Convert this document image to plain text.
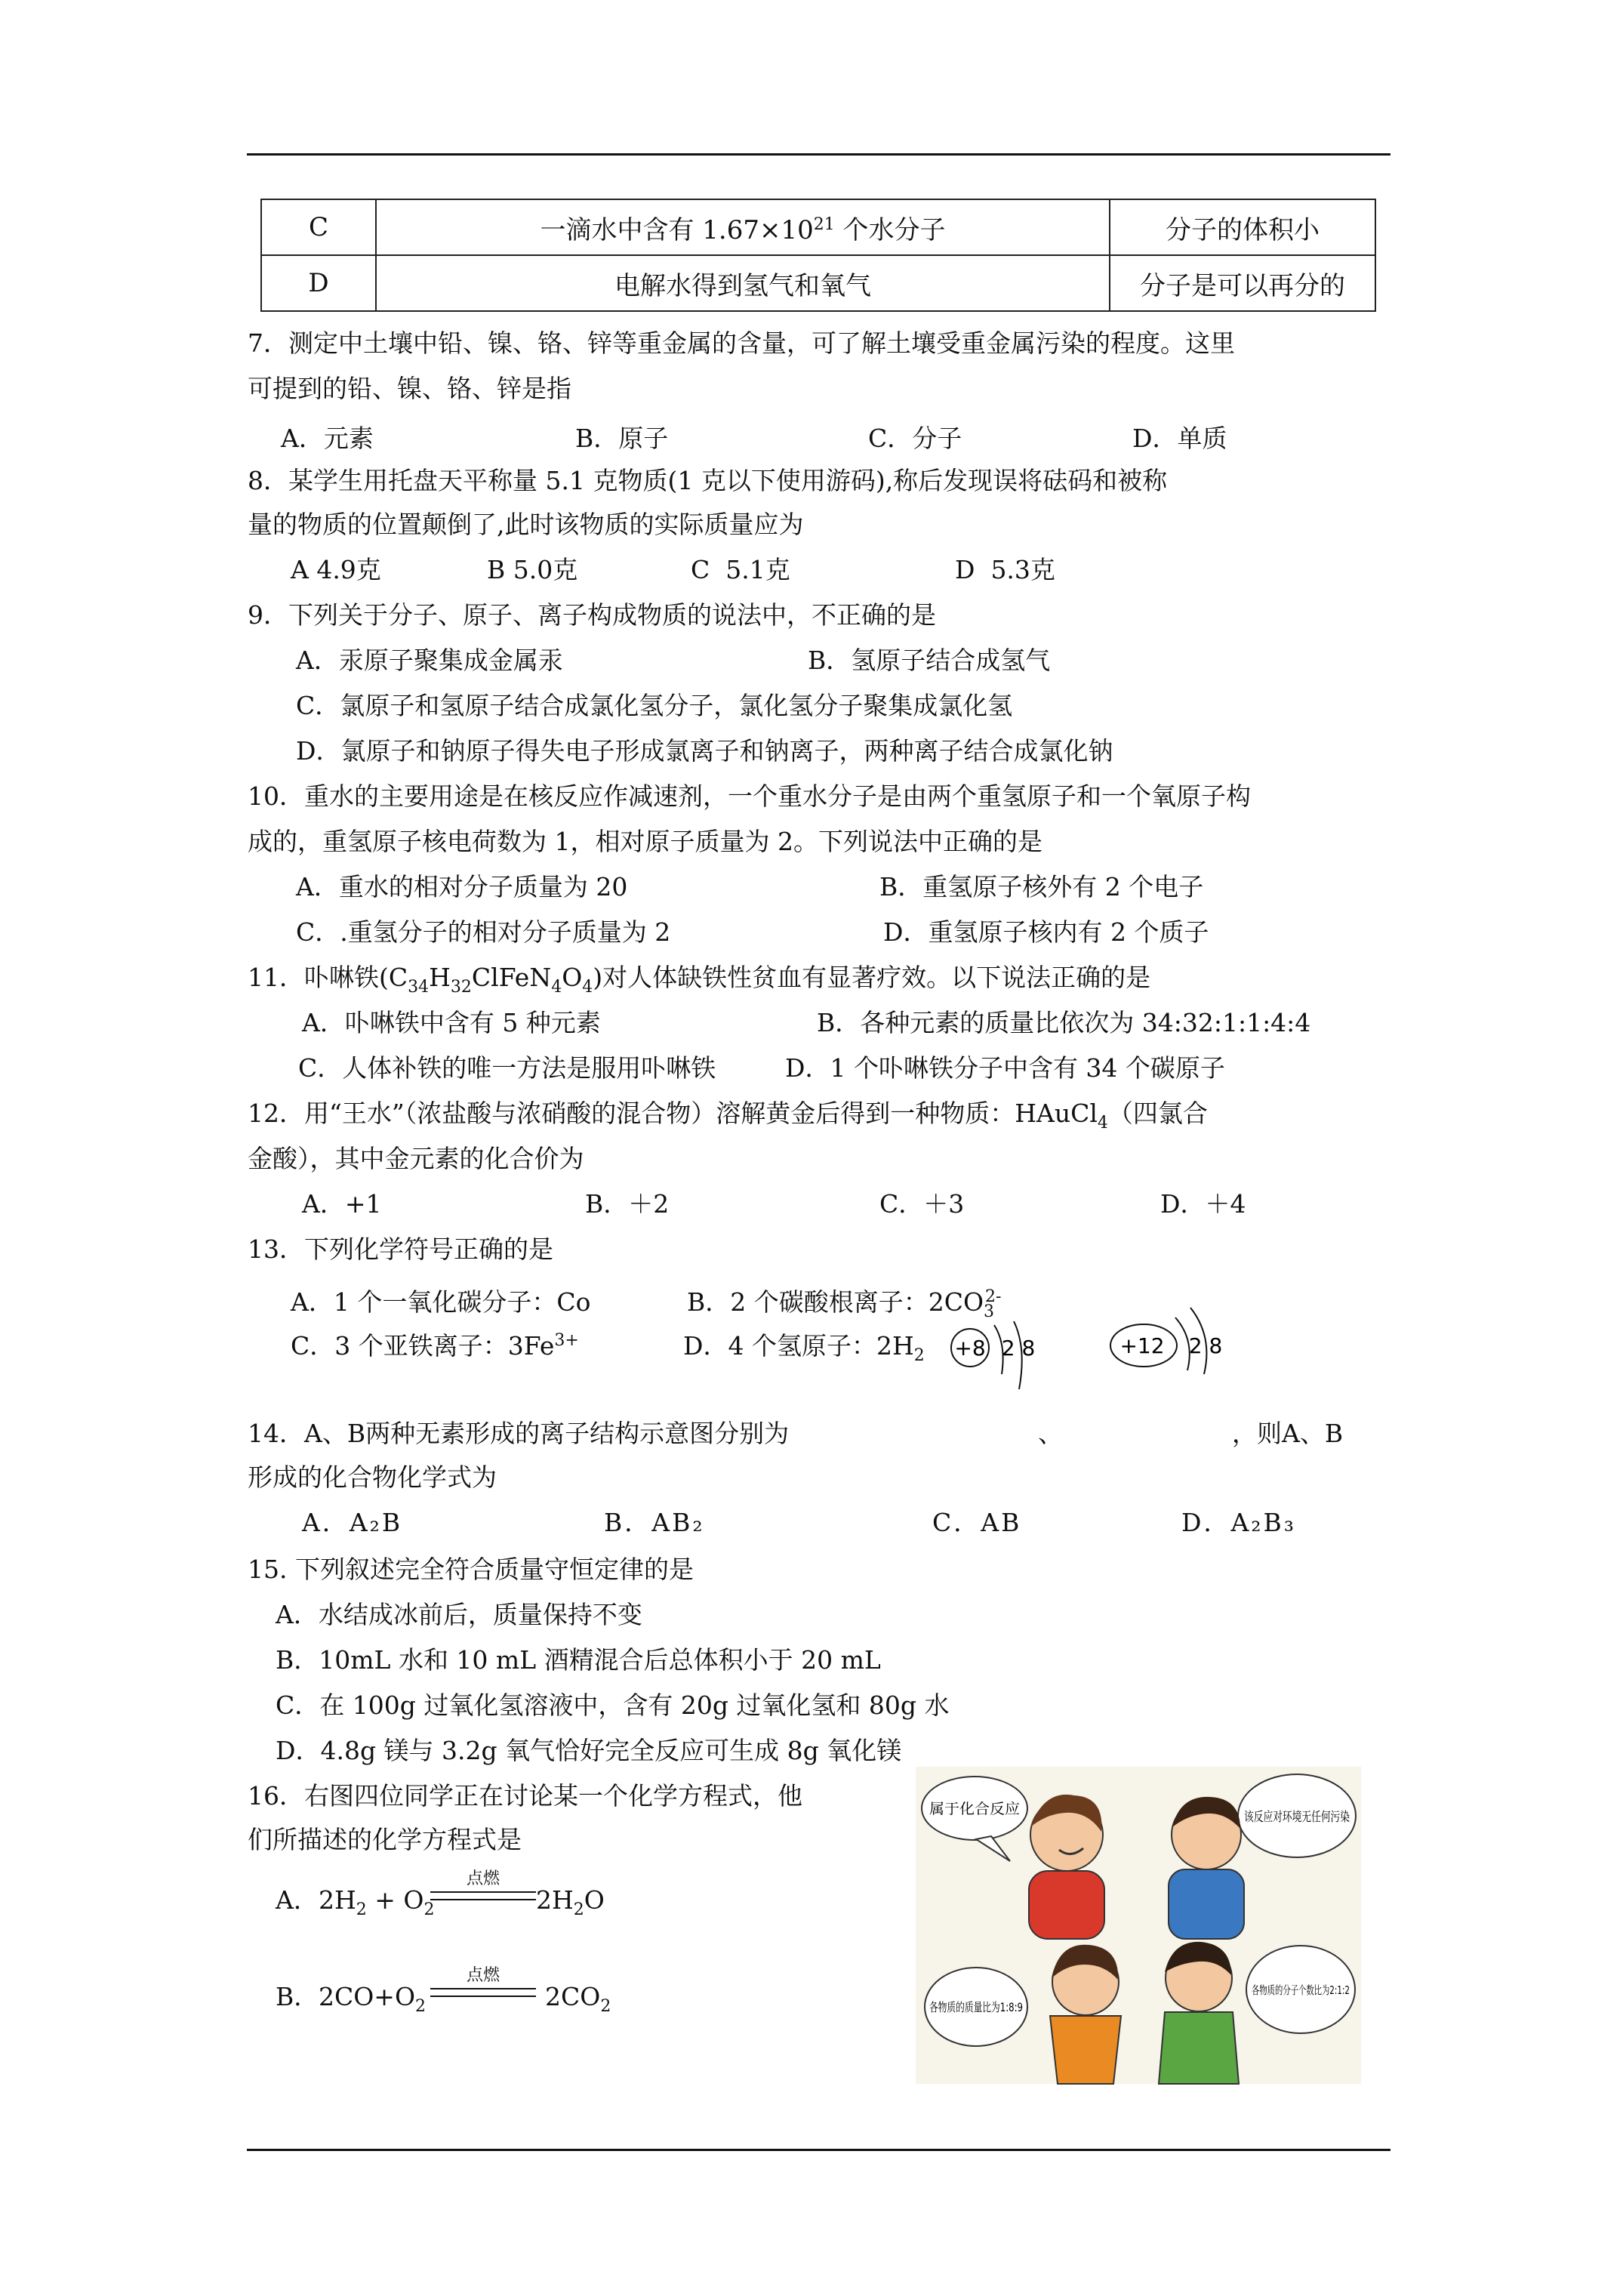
C	一滴水中含有 $1.67\times 10^{21}$ 个水分子	分子的体积小
D	电解水得到氢气和氧气	分子是可以再分的
7．测定中土壤中铅、镍、铬、锌等重金属的含量，可了解土壤受重金属污染的程度。这里
可提到的铅、镍、铬、锌是指
A．元素	B．原子	C．分子	D．单质
8．某学生用托盘天平称量 5.1 克物质(1 克以下使用游码),称后发现误将砝码和被称
量的物质的位置颠倒了,此时该物质的实际质量应为
A 4.9克	B 5.0克	C  5.1克	D  5.3克
9．下列关于分子、原子、离子构成物质的说法中，不正确的是
A．汞原子聚集成金属汞	B．氢原子结合成氢气
C．氯原子和氢原子结合成氯化氢分子，氯化氢分子聚集成氯化氢
D．氯原子和钠原子得失电子形成氯离子和钠离子，两种离子结合成氯化钠
10．重水的主要用途是在核反应作减速剂，一个重水分子是由两个重氢原子和一个氧原子构
成的，重氢原子核电荷数为 1，相对原子质量为 2。下列说法中正确的是
A．重水的相对分子质量为 20	B．重氢原子核外有 2 个电子
C．.重氢分子的相对分子质量为 2	D．重氢原子核内有 2 个质子
11．卟啉铁$(C_{34}H_{32}ClFeN_4O_4)$对人体缺铁性贫血有显著疗效。以下说法正确的是
A．卟啉铁中含有 5 种元素	B．各种元素的质量比依次为 34:32:1:1:4:4
C．人体补铁的唯一方法是服用卟啉铁	D．1 个卟啉铁分子中含有 34 个碳原子
12．用“王水”（浓盐酸与浓硝酸的混合物）溶解黄金后得到一种物质：HAuCl$_4$（四氯合
金酸），其中金元素的化合价为
A．+1	B．＋2	C．＋3	D．＋4
13．下列化学符号正确的是
A．1 个一氧化碳分子：Co	B．2 个碳酸根离子：$2CO_3^{2-}$
C．3 个亚铁离子：$3Fe^{3+}$	D．4 个氢原子：$2H_2 +8$ 2 8	+12 2 8
14．A、B两种无素形成的离子结构示意图分别为	、	，则A、B
形成的化合物化学式为
A．A₂B	B．AB₂	C．AB	D．A₂B₃
15. 下列叙述完全符合质量守恒定律的是
A．水结成冰前后，质量保持不变
B．10mL 水和 10 mL 酒精混合后总体积小于 20 mL
C．在 100g 过氧化氢溶液中，含有 20g 过氧化氢和 80g 水
D．4.8g 镁与 3.2g 氧气恰好完全反应可生成 8g 氧化镁
16．右图四位同学正在讨论某一个化学方程式，他
们所描述的化学方程式是
A． $2H_2 + O_2$
点燃
$2H_2O$
B． $2CO+O_2$
点燃
$2CO_2$
属于化合反应	该反应对环境无任何污染
各物质的质量比为1:8:9
各物质的分子个数比为2:1:2
